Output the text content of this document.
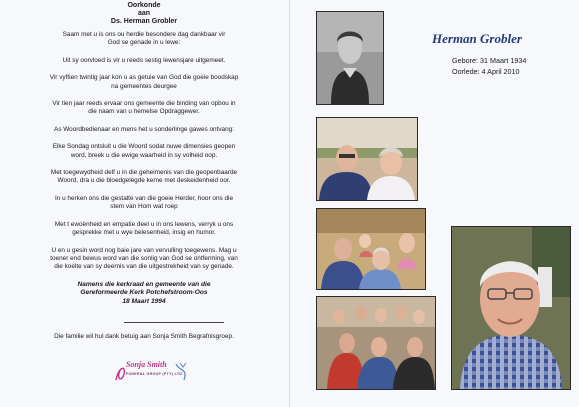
Oorkonde
aan
Ds. Herman Grobler

Saam met u is ons ou herdie besondere dag dankbaar vir

God se genade in u lewe:

Uit sy oorvloed is vir u reeds sestig lewensjare uitgemeet.

Vir vyftien twintig jaar kon u as getuie van God die goeie boodskap

na gemeentes deurgee

Vir tien jaar reeds ervaar ons gemeente die binding van opbou in

die naam van u hemelse Opdraggewer.

As Woordbedienaar en mens het u sonderlinge gawes ontvang:

Elke Sondag ontsluit u die Woord sodat nuwe dimensies geopen

word, breek u die ewige waarheid in sy volheid oop.

Met toegewydheid delf u in die geheimenis van die geopenbaarde

Woord, dra u die bloedgelegde kerne met deskeidenheid oor.

In u herken ons die gestalte van die goeie Herder, hoor ons die

stem van Hom wat roep

Met t ewoënheid en empatie deel u in ons lewens, verryk u ons

gesprekke met u wye belesenheid, insig en humor.

U en u gesin word nog baie jare van vervulling toegewens. Mag u

toener end bewus word van die sonlig van God se ontferming, van

die koelte van sy deernis van die uitgestrekheid van sy genade.

Namens die kerkraad en gemeente van die
Gereformeerde Kerk Potchefstroom-Oos
18 Maart 1994
Die familie wil hul dank betuig aan Sonja Smith Begrafnisgroep.
Sonja Smith
FUNERAL GROUP (PTY) LTD
Herman Grobler
Gebore: 31 Maart 1934
Oorlede: 4 April 2010
